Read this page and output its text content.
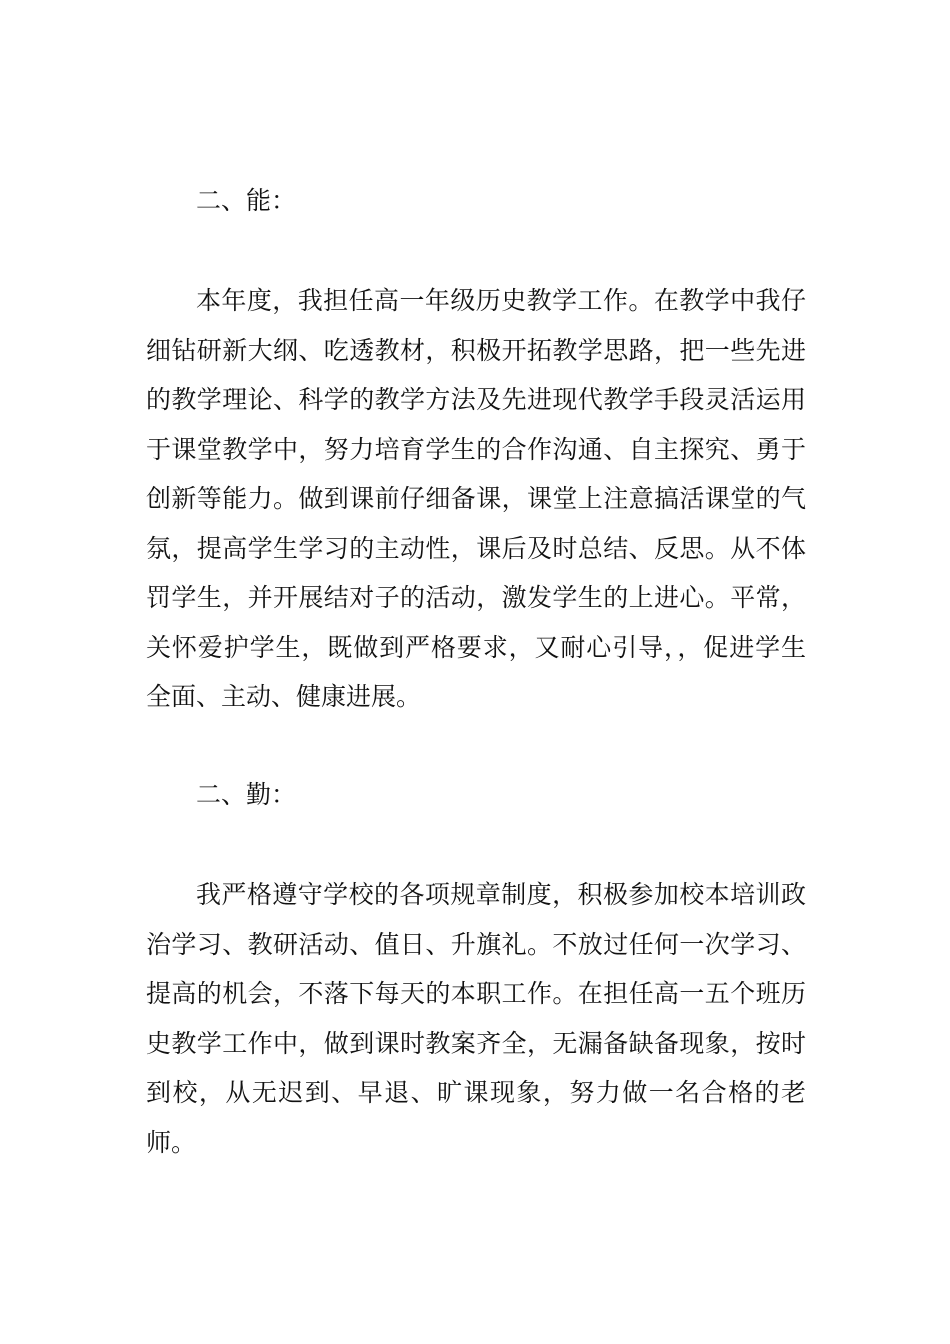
二、能：

本年度，我担任高一年级历史教学工作。在教学中我仔细钻研新大纲、吃透教材，积极开拓教学思路，把一些先进的教学理论、科学的教学方法及先进现代教学手段灵活运用于课堂教学中，努力培育学生的合作沟通、自主探究、勇于创新等能力。做到课前仔细备课，课堂上注意搞活课堂的气氛，提高学生学习的主动性，课后及时总结、反思。从不体罚学生，并开展结对子的活动，激发学生的上进心。平常，关怀爱护学生，既做到严格要求，又耐心引导，，促进学生全面、主动、健康进展。

二、勤：

我严格遵守学校的各项规章制度，积极参加校本培训政治学习、教研活动、值日、升旗礼。不放过任何一次学习、提高的机会，不落下每天的本职工作。在担任高一五个班历史教学工作中，做到课时教案齐全，无漏备缺备现象，按时到校，从无迟到、早退、旷课现象，努力做一名合格的老师。
